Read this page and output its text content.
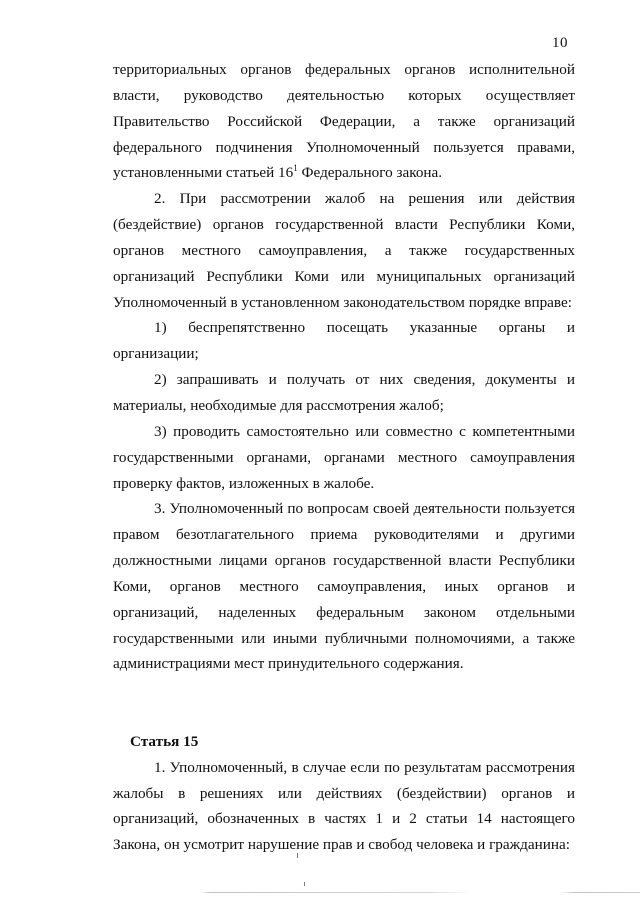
10

территориальных органов федеральных органов исполнительной власти, руководство деятельностью которых осуществляет Правительство Российской Федерации, а также организаций федерального подчинения Уполномоченный пользуется правами, установленными статьей $16^1$ Федерального закона.

2. При рассмотрении жалоб на решения или действия (бездействие) органов государственной власти Республики Коми, органов местного самоуправления, а также государственных организаций Республики Коми или муниципальных организаций Уполномоченный в установленном законодательством порядке вправе:

1) беспрепятственно посещать указанные органы и организации;

2) запрашивать и получать от них сведения, документы и материалы, необходимые для рассмотрения жалоб;

3) проводить самостоятельно или совместно с компетентными государственными органами, органами местного самоуправления проверку фактов, изложенных в жалобе.

3. Уполномоченный по вопросам своей деятельности пользуется правом безотлагательного приема руководителями и другими должностными лицами органов государственной власти Республики Коми, органов местного самоуправления, иных органов и организаций, наделенных федеральным законом отдельными государственными или иными публичными полномочиями, а также администрациями мест принудительного содержания.

Статья 15

1. Уполномоченный, в случае если по результатам рассмотрения жалобы в решениях или действиях (бездействии) органов и организаций, обозначенных в частях 1 и 2 статьи 14 настоящего Закона, он усмотрит нарушение прав и свобод человека и гражданина:
